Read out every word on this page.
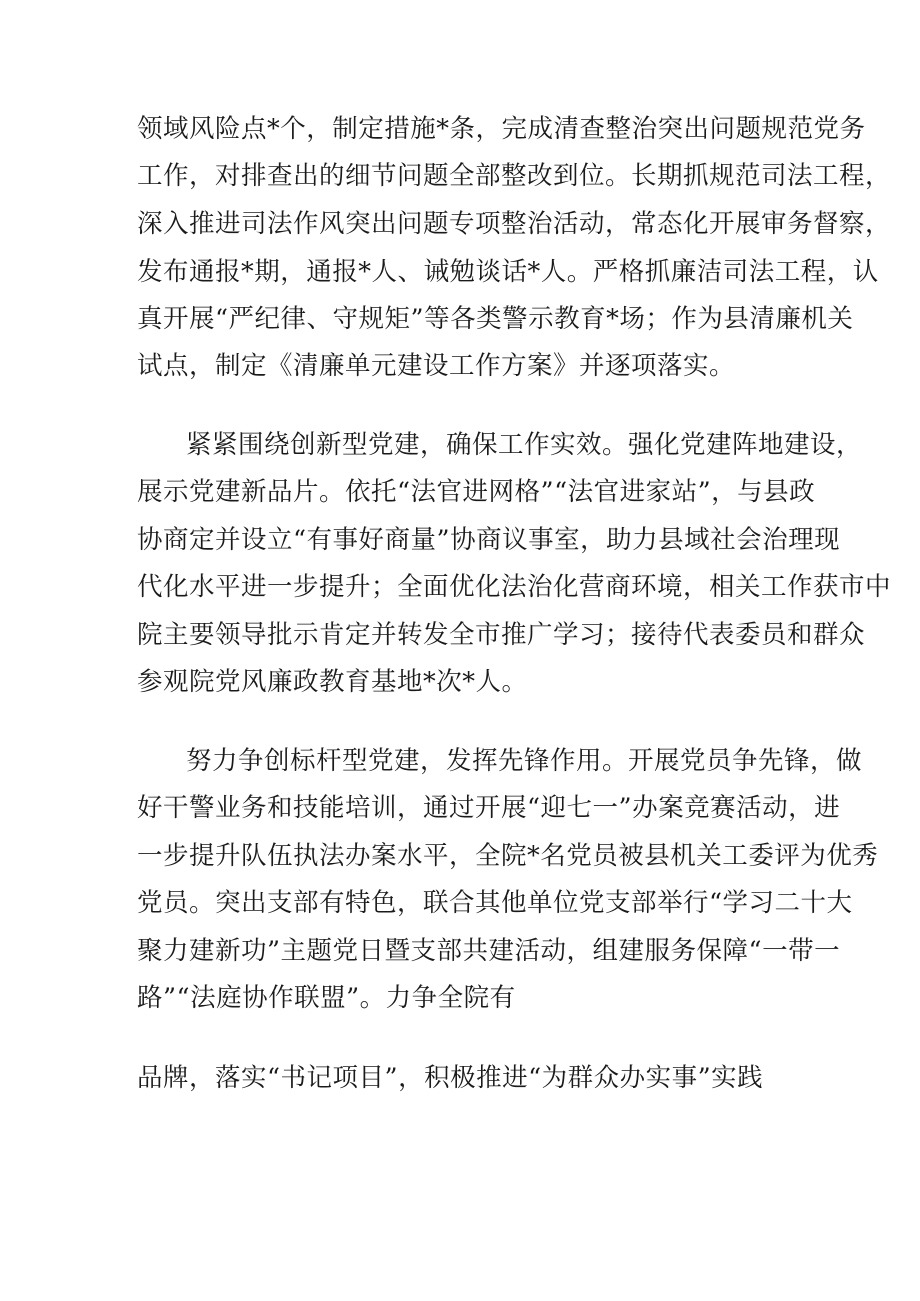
领域风险点*个，制定措施*条，完成清查整治突出问题规范党务
工作，对排查出的细节问题全部整改到位。长期抓规范司法工程，
深入推进司法作风突出问题专项整治活动，常态化开展审务督察，
发布通报*期，通报*人、诫勉谈话*人。严格抓廉洁司法工程，认
真开展“严纪律、守规矩”等各类警示教育*场；作为县清廉机关
试点，制定《清廉单元建设工作方案》并逐项落实。
紧紧围绕创新型党建，确保工作实效。强化党建阵地建设，
展示党建新品片。依托“法官进网格”“法官进家站”，与县政
协商定并设立“有事好商量”协商议事室，助力县域社会治理现
代化水平进一步提升；全面优化法治化营商环境，相关工作获市中
院主要领导批示肯定并转发全市推广学习；接待代表委员和群众
参观院党风廉政教育基地*次*人。
努力争创标杆型党建，发挥先锋作用。开展党员争先锋，做
好干警业务和技能培训，通过开展“迎七一”办案竞赛活动，进
一步提升队伍执法办案水平，全院*名党员被县机关工委评为优秀
党员。突出支部有特色，联合其他单位党支部举行“学习二十大
聚力建新功”主题党日暨支部共建活动，组建服务保障“一带一
路”“法庭协作联盟”。力争全院有
品牌，落实“书记项目”，积极推进“为群众办实事”实践
